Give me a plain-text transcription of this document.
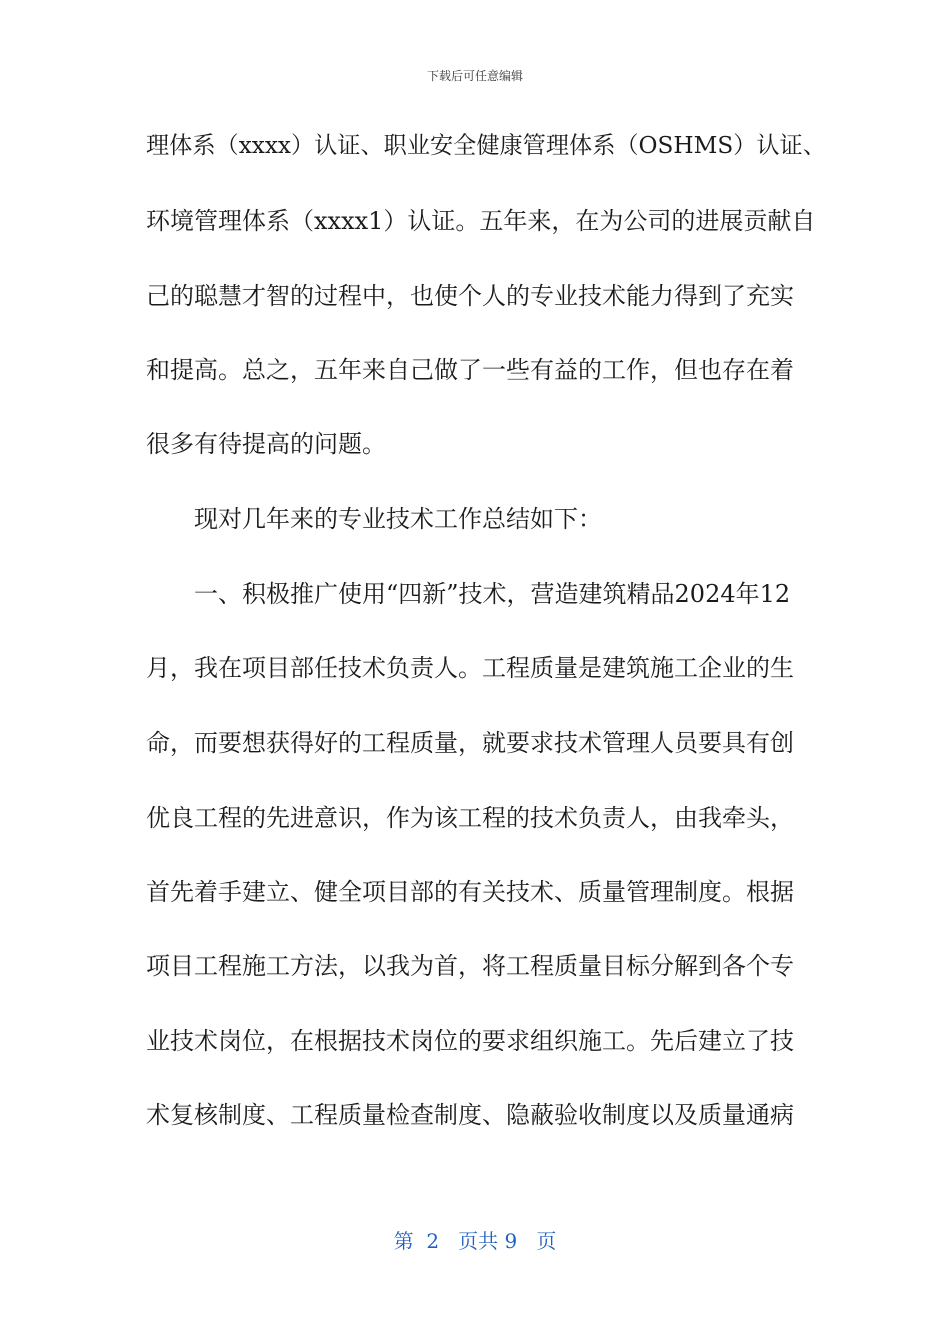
下载后可任意编辑
理体系（xxxx）认证、职业安全健康管理体系（OSHMS）认证、
环境管理体系（xxxx1）认证。五年来，在为公司的进展贡献自
己的聪慧才智的过程中，也使个人的专业技术能力得到了充实
和提高。总之，五年来自己做了一些有益的工作，但也存在着
很多有待提高的问题。
现对几年来的专业技术工作总结如下：
一、积极推广使用“四新”技术，营造建筑精品2024年12
月，我在项目部任技术负责人。工程质量是建筑施工企业的生
命，而要想获得好的工程质量，就要求技术管理人员要具有创
优良工程的先进意识，作为该工程的技术负责人，由我牵头，
首先着手建立、健全项目部的有关技术、质量管理制度。根据
项目工程施工方法，以我为首，将工程质量目标分解到各个专
业技术岗位，在根据技术岗位的要求组织施工。先后建立了技
术复核制度、工程质量检查制度、隐蔽验收制度以及质量通病
第  2   页共 9   页
